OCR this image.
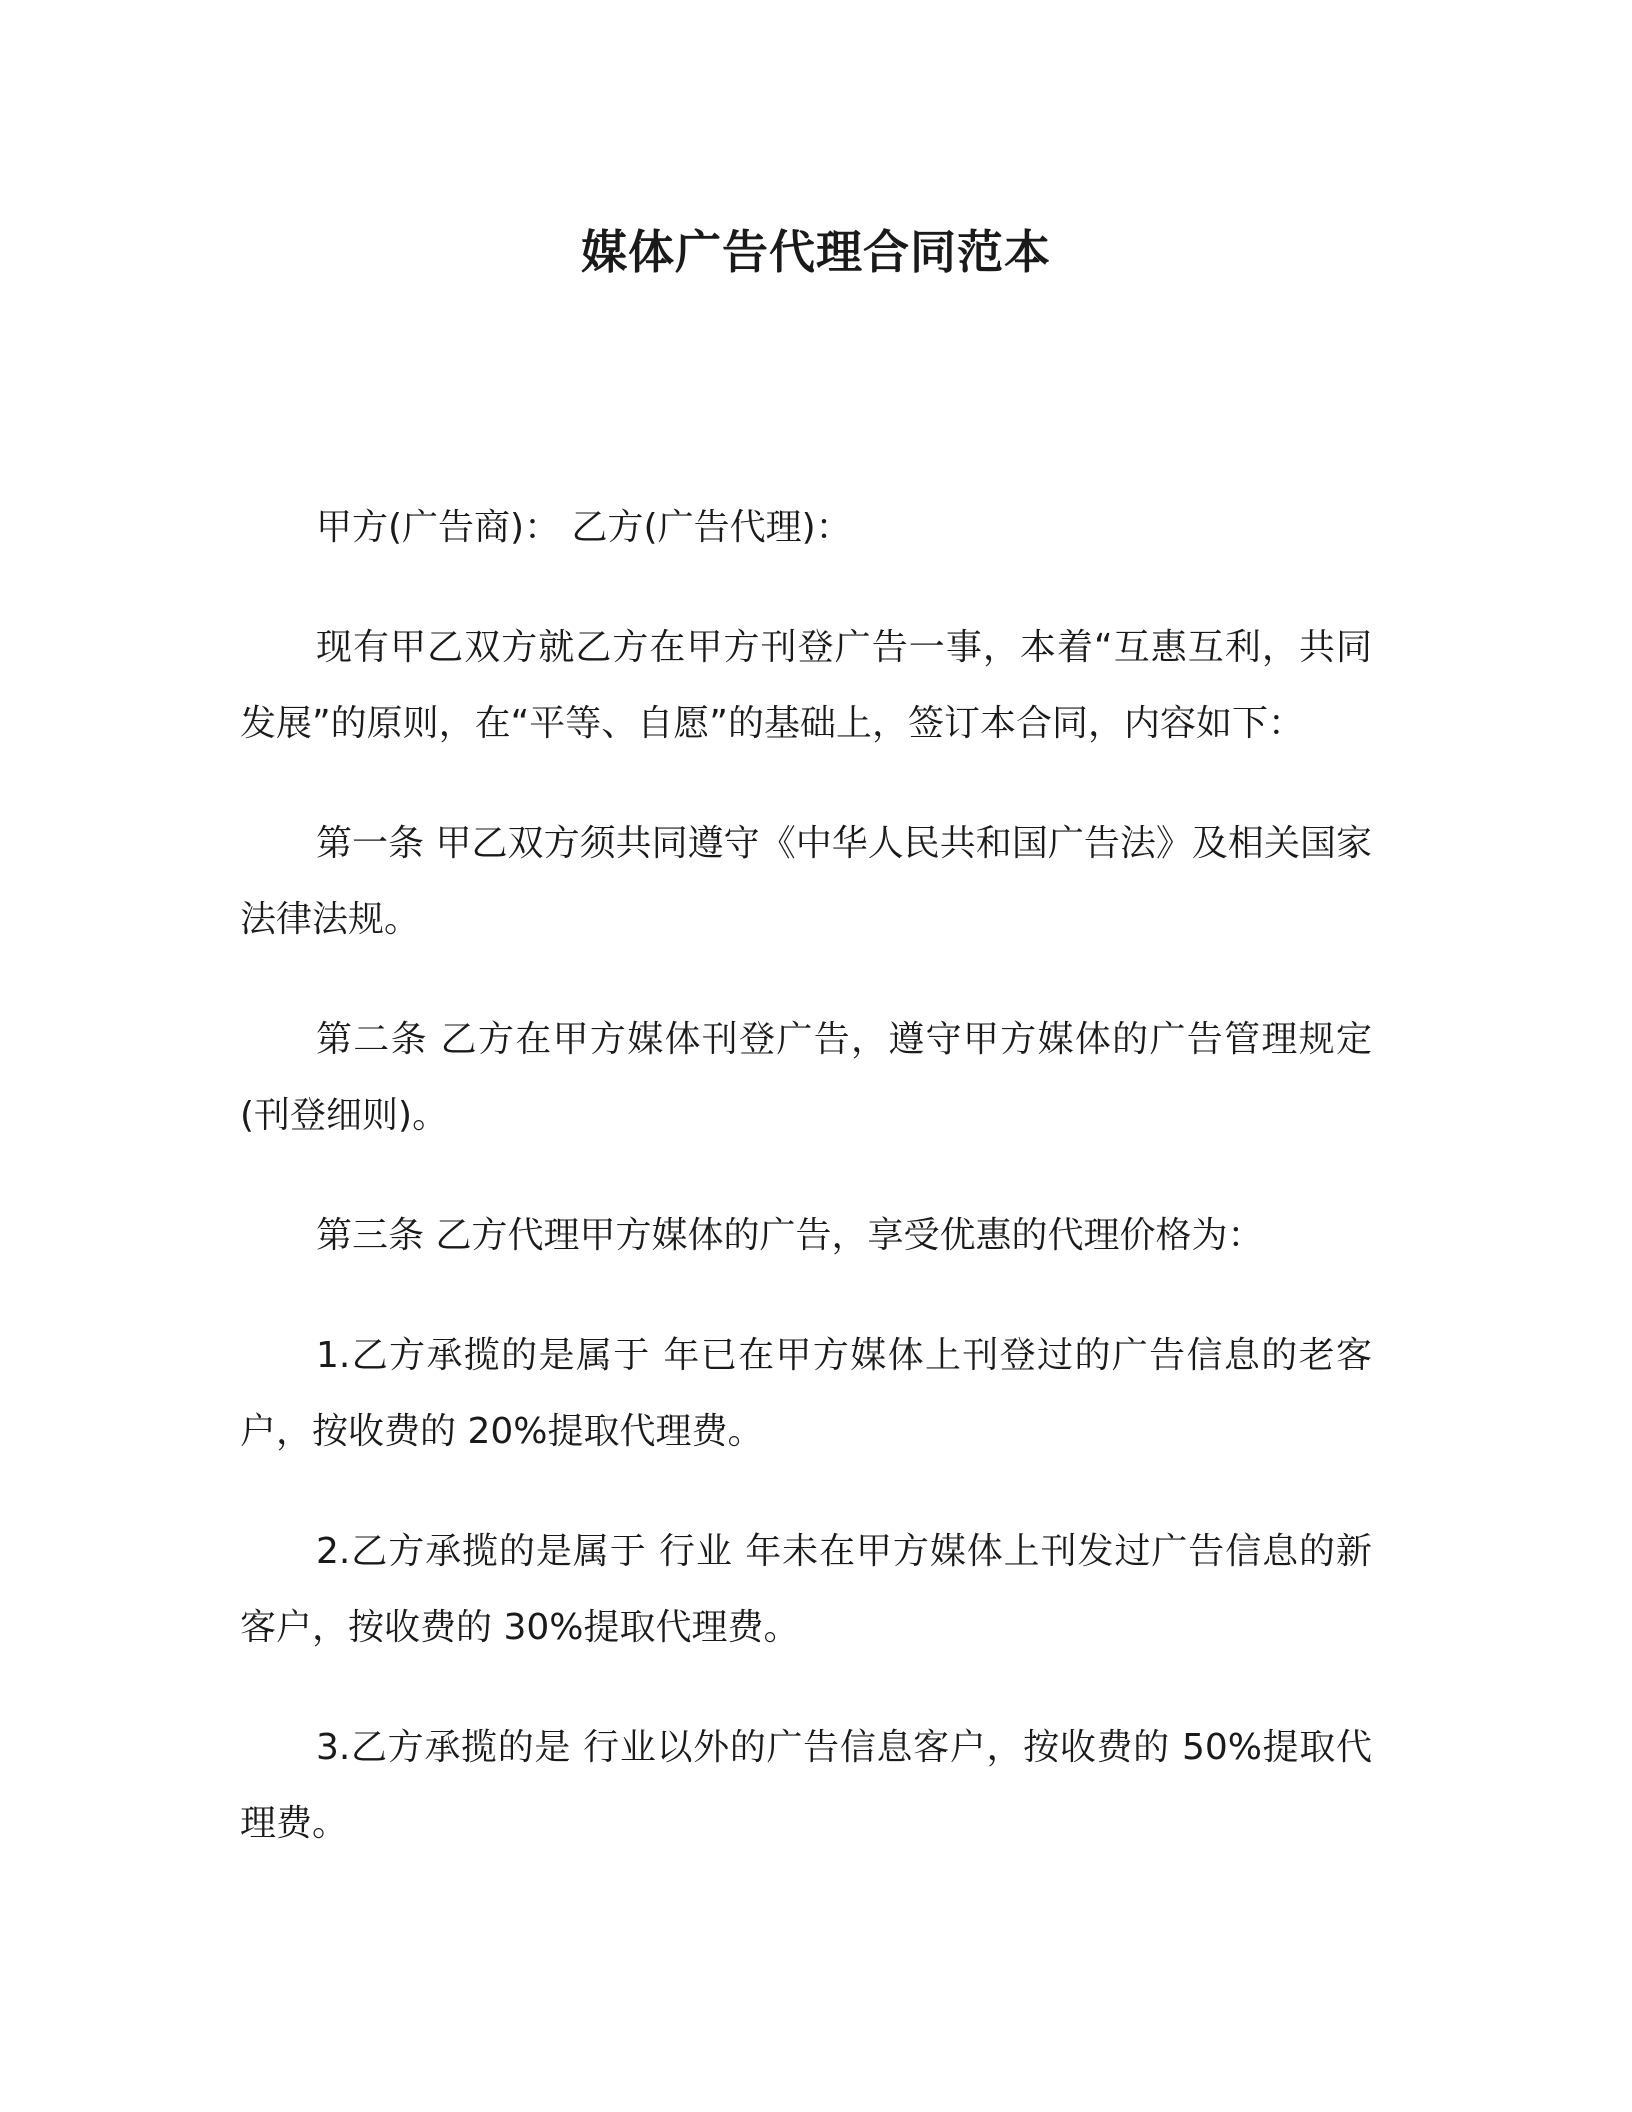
媒体广告代理合同范本

甲方(广告商)： 乙方(广告代理)：

现有甲乙双方就乙方在甲方刊登广告一事，本着“互惠互利，共同发展”的原则，在“平等、自愿”的基础上，签订本合同，内容如下：

第一条 甲乙双方须共同遵守《中华人民共和国广告法》及相关国家法律法规。

第二条 乙方在甲方媒体刊登广告，遵守甲方媒体的广告管理规定(刊登细则)。

第三条 乙方代理甲方媒体的广告，享受优惠的代理价格为：

1.乙方承揽的是属于 年已在甲方媒体上刊登过的广告信息的老客户，按收费的 20%提取代理费。

2.乙方承揽的是属于 行业 年未在甲方媒体上刊发过广告信息的新客户，按收费的 30%提取代理费。

3.乙方承揽的是 行业以外的广告信息客户，按收费的 50%提取代理费。
